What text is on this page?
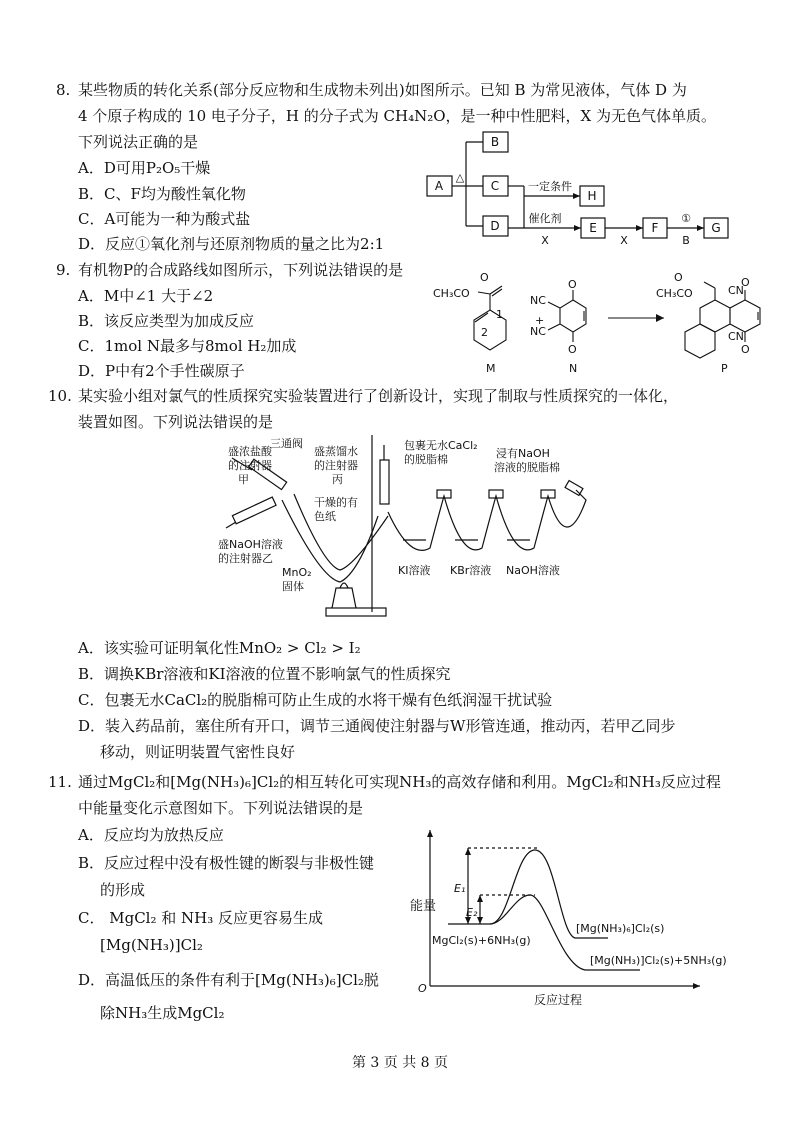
8. 某些物质的转化关系(部分反应物和生成物未列出)如图所示。已知 B 为常见液体，气体 D 为
4 个原子构成的 10 电子分子，H 的分子式为 CH₄N₂O，是一种中性肥料，X 为无色气体单质。
下列说法正确的是
A．D可用P₂O₅干燥
B．C、F均为酸性氧化物
C．A可能为一种为酸式盐
D．反应①氧化剂与还原剂物质的量之比为2:1
A
B
C
D
H
E	F	G
△
一定条件
催化剂
X	X
①
B
9. 有机物P的合成路线如图所示，下列说法错误的是
A．M中∠1 大于∠2
B．该反应类型为加成反应
C．1mol N最多与8mol H₂加成
D．P中有2个手性碳原子
CH₃CO
O
1
2
+
NC
NC
O
O
CH₃CO
O
CN
CN
O
O
M	N	P
10. 某实验小组对氯气的性质探究实验装置进行了创新设计，实现了制取与性质探究的一体化，
装置如图。下列说法错误的是
盛浓盐酸
的注射器
甲
三通阀
盛蒸馏水
的注射器
丙
包裹无水CaCl₂
的脱脂棉	浸有NaOH
溶液的脱脂棉
干燥的有
色纸
盛NaOH溶液
的注射器乙
MnO₂
固体
KI溶液 KBr溶液 NaOH溶液
A．该实验可证明氧化性MnO₂ > Cl₂ > I₂
B．调换KBr溶液和KI溶液的位置不影响氯气的性质探究
C．包裹无水CaCl₂的脱脂棉可防止生成的水将干燥有色纸润湿干扰试验
D．装入药品前，塞住所有开口，调节三通阀使注射器与W形管连通，推动丙，若甲乙同步
移动，则证明装置气密性良好
11. 通过MgCl₂和[Mg(NH₃)₆]Cl₂的相互转化可实现NH₃的高效存储和利用。MgCl₂和NH₃反应过程
中能量变化示意图如下。下列说法错误的是
A．反应均为放热反应
B．反应过程中没有极性键的断裂与非极性键
的形成
C． MgCl₂ 和 NH₃ 反应更容易生成
[Mg(NH₃)]Cl₂
D．高温低压的条件有利于[Mg(NH₃)₆]Cl₂脱
除NH₃生成MgCl₂
能量
O
反应过程
E₁
E₂
MgCl₂(s)+6NH₃(g)
[Mg(NH₃)₆]Cl₂(s)
[Mg(NH₃)]Cl₂(s)+5NH₃(g)
第 3 页 共 8 页
